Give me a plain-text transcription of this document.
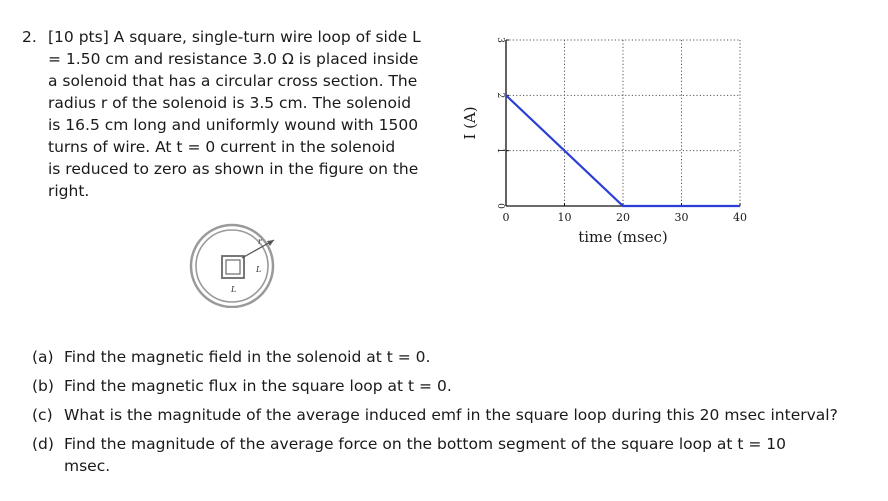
2. [10 pts] A square, single-turn wire loop of side L
= 1.50 cm and resistance 3.0 Ω is placed inside
a solenoid that has a circular cross section. The
radius r of the solenoid is 3.5 cm. The solenoid
is 16.5 cm long and uniformly wound with 1500
turns of wire. At t = 0 current in the solenoid
is reduced to zero as shown in the figure on the
right.
r
L
L
0	10	20	30	40
0
1
2
3
time (msec)
I (A)
(a) Find the magnetic field in the solenoid at t = 0.
(b) Find the magnetic flux in the square loop at t = 0.
(c) What is the magnitude of the average induced emf in the square loop during this 20 msec interval?
(d) Find the magnitude of the average force on the bottom segment of the square loop at t = 10
msec.
